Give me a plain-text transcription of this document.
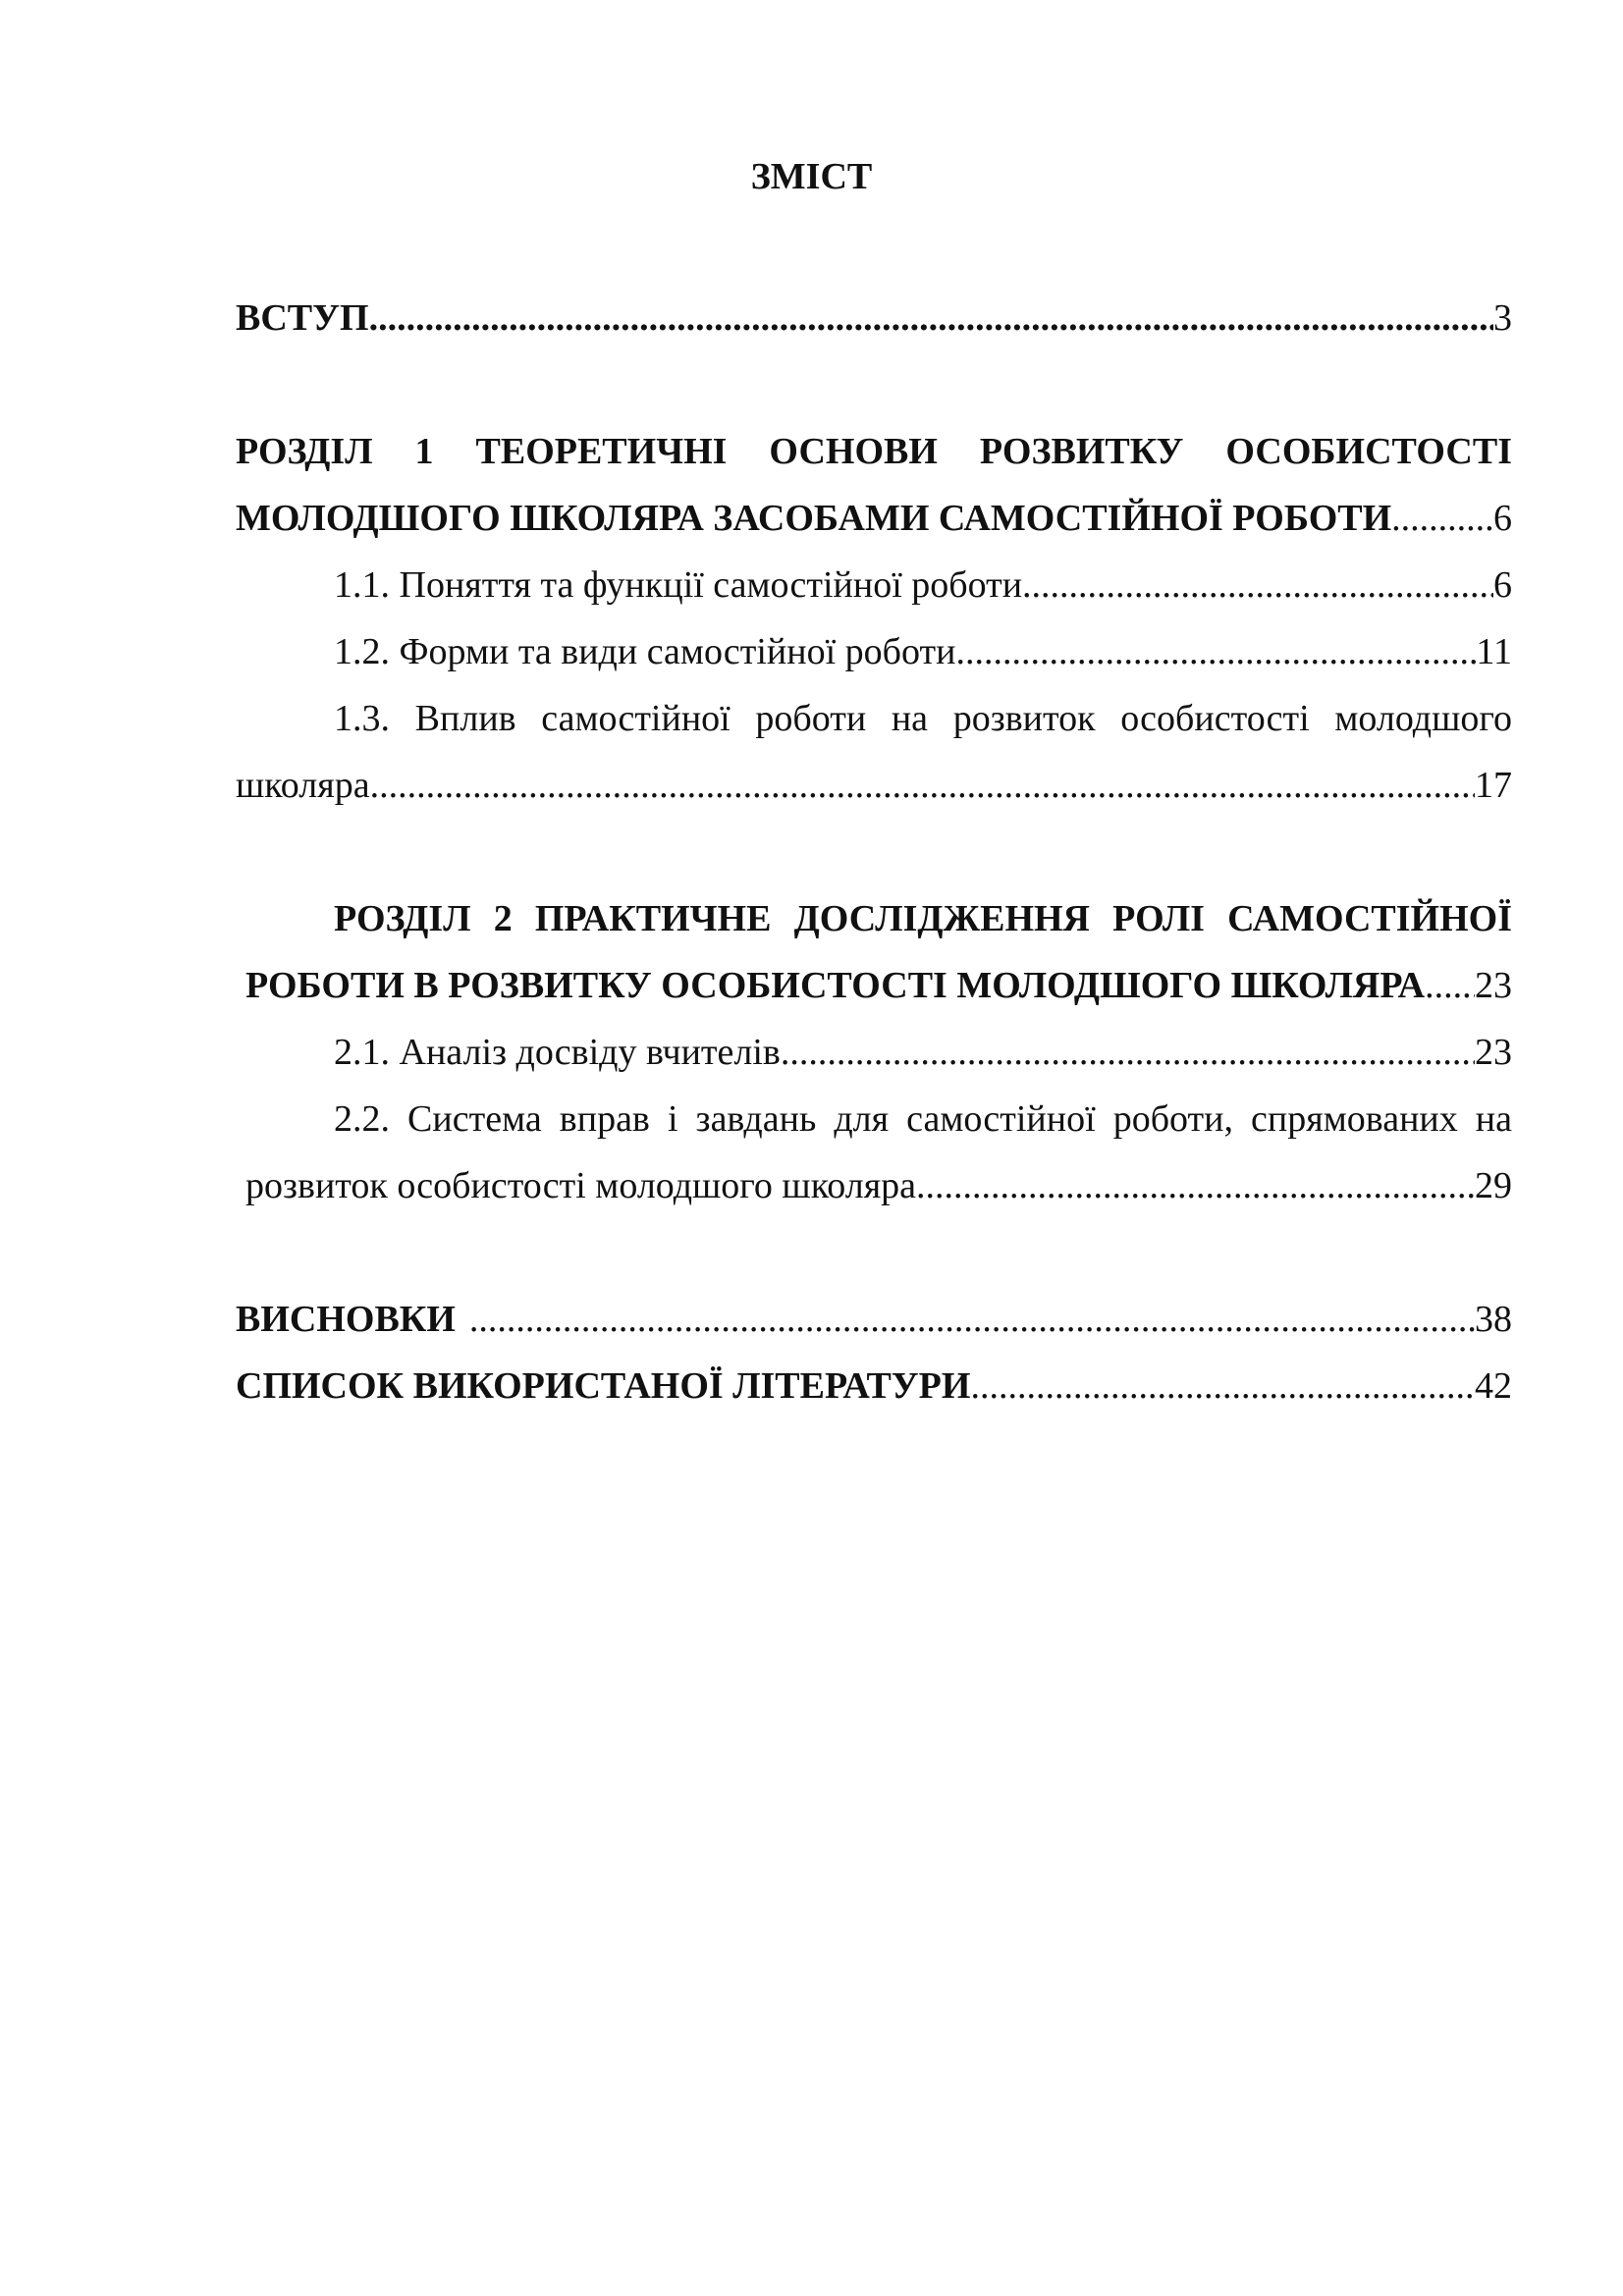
ЗМІСТ
ВСТУП .....	3
РОЗДІЛ 1 ТЕОРЕТИЧНІ ОСНОВИ РОЗВИТКУ ОСОБИСТОСТІ
МОЛОДШОГО ШКОЛЯРА ЗАСОБАМИ САМОСТІЙНОЇ РОБОТИ .....	6
1.1. Поняття та функції самостійної роботи .....	6
1.2. Форми та види самостійної роботи .....	11
1.3. Вплив самостійної роботи на розвиток особистості молодшого
школяра .....	17
РОЗДІЛ 2 ПРАКТИЧНЕ ДОСЛІДЖЕННЯ РОЛІ САМОСТІЙНОЇ
РОБОТИ В РОЗВИТКУ ОСОБИСТОСТІ МОЛОДШОГО ШКОЛЯРА ..... 23
2.1. Аналіз досвіду вчителів .....	23
2.2. Система вправ і завдань для самостійної роботи, спрямованих на
розвиток особистості молодшого школяра .....	29
ВИСНОВКИ .....	38
СПИСОК ВИКОРИСТАНОЇ ЛІТЕРАТУРИ .....	42
